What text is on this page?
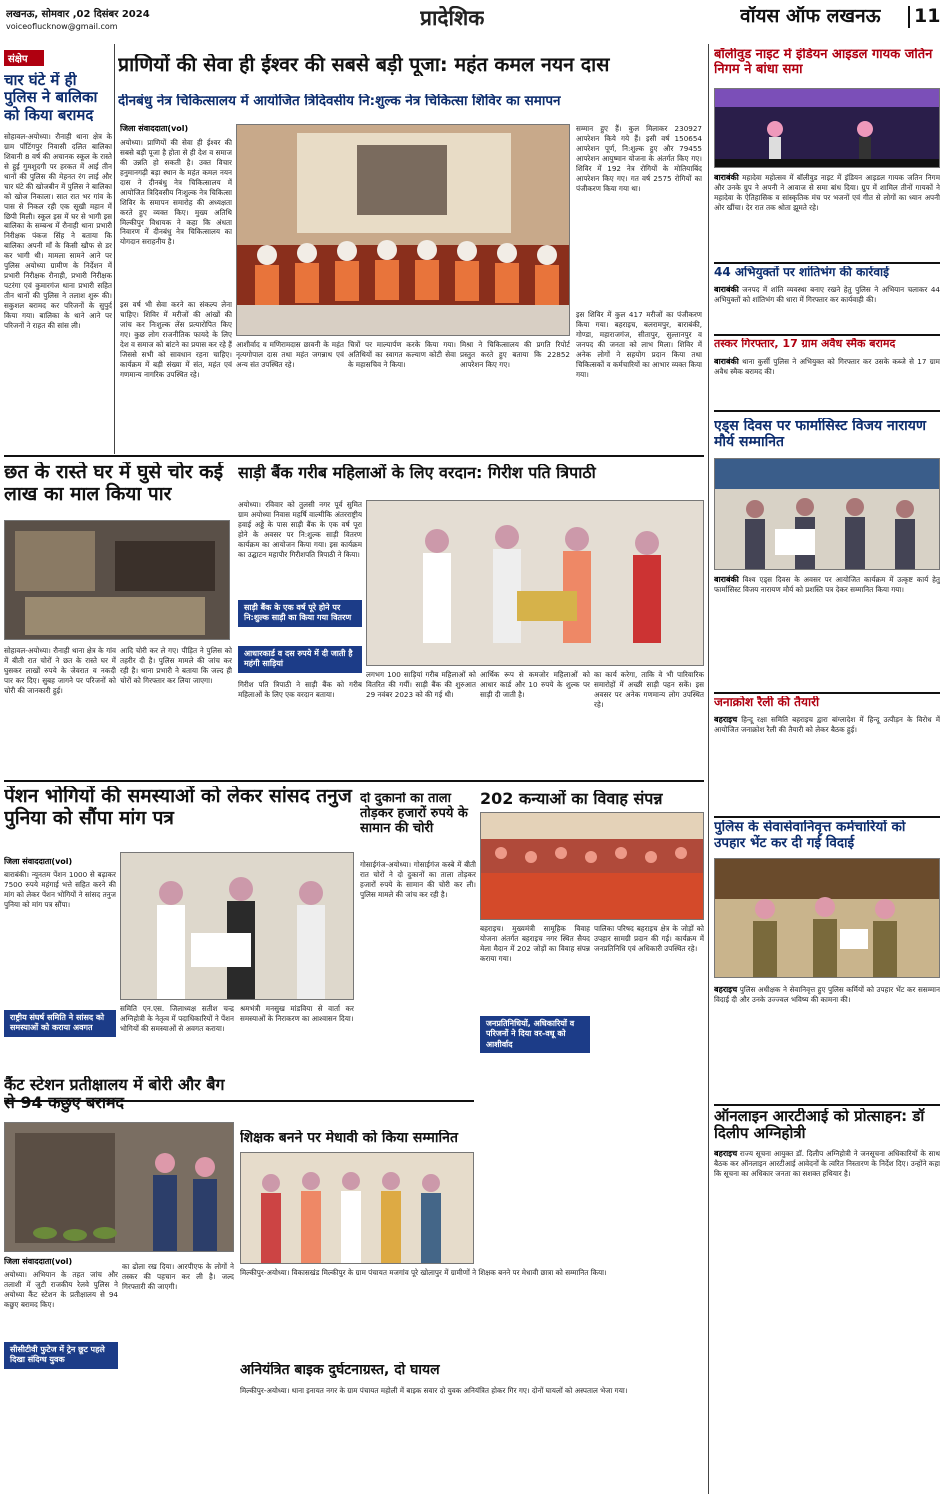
लखनऊ, सोमवार ,02 दिसंबर 2024
voiceoflucknow@gmail.com	प्रादेशिक	वॉयस ऑफ लखनऊ	11
संक्षेप
चार घंटे में ही पुलिस ने बालिका को किया बरामद
सोहावल-अयोध्या। रौनाही थाना क्षेत्र के ग्राम पाँटिंगपुर निवासी दलित बालिका शिवानी 8 वर्ष की अचानक स्कूल के रास्ते से हुई गुमशुदगी पर हरकत में आई तीन थानों की पुलिस की मेहनत रंग लाई और चार घंटे की खोजबीन में पुलिस ने बालिका को खोज निकाला। सात रात भर गांव के पास से निकल रही एक सूखी महान में छिपी मिली। स्कूल इस में घर से भागी इस बालिका के सम्बन्ध में रौनाही थाना प्रभारी निरीक्षक पंकज सिंह ने बताया कि बालिका अपनी माँ के किसी खौफ से डर कर भागी थी। मामला सामने आने पर पुलिस अयोध्या ग्रामीण के निर्देशन में प्रभारी निरीक्षक रौनाही, प्रभारी निरीक्षक पटरंगा एवं कुमारगंज थाना प्रभारी सहित तीन थानों की पुलिस ने तलाश शुरू की। सकुशल बरामद कर परिजनों के सुपुर्द किया गया। बालिका के थाने आने पर परिजनों ने राहत की सांस ली।
प्राणियों की सेवा ही ईश्वर की सबसे बड़ी पूजा: महंत कमल नयन दास
दीनबंधु नेत्र चिकित्सालय में आयोजित त्रिदिवसीय नि:शुल्क नेत्र चिकित्सा शिविर का समापन
जिला संवाददाता(vol)
अयोध्या। प्राणियों की सेवा ही ईश्वर की सबसे बड़ी पूजा है होता से ही देश व समाज की उन्नति हो सकती है। उक्त विचार हनुमानगढ़ी बड़ा स्थान के महंत कमल नयन दास ने दीनबंधु नेत्र चिकित्सालय में आयोजित त्रिदिवसीय निःशुल्क नेत्र चिकित्सा शिविर के समापन समारोह की अध्यक्षता करते हुए व्यक्त किए। मुख्य अतिथि मिल्कीपुर विधायक ने कहा कि अंधता निवारण में दीनबंधु नेत्र चिकित्सालय का योगदान सराहनीय है।
इस वर्ष भी सेवा करने का संकल्प लेना चाहिए। शिविर में मरीजों की आंखों की जांच कर निःशुल्क लेंस प्रत्यारोपित किए गए। कुछ लोग राजनीतिक फायदे के लिए देश व समाज को बांटने का प्रयास कर रहे हैं जिससे सभी को सावधान रहना चाहिए। कार्यक्रम में बड़ी संख्या में संत, महंत एवं गणमान्य नागरिक उपस्थित रहे।
सम्मान हुए हैं। कुल मिलाकर 230927 आपरेशन किये गये हैं। इसी वर्ष 150654 आपरेशन पूर्ण, नि:शुल्क हुए और 79455 आपरेशन आयुष्मान योजना के अंतर्गत किए गए। शिविर में 192 नेत्र रोगियों के मोतियाबिंद आपरेशन किए गए। गत वर्ष 2575 रोगियों का पंजीकरण किया गया था।
इस शिविर में कुल 417 मरीजों का पंजीकरण किया गया। बहराइच, बलरामपुर, बाराबंकी, गोण्डा, महाराजगंज, सीतापुर, सुल्तानपुर व जनपद की जनता को लाभ मिला। शिविर में अनेक लोगों ने सहयोग प्रदान किया तथा चिकित्सकों व कर्मचारियों का आभार व्यक्त किया गया।
आशीर्वाद व मणिरामदास छावनी के महंत नृत्यगोपाल दास तथा महंत जगन्नाथ एवं अन्य संत उपस्थित रहे।
चित्रों पर माल्यार्पण करके किया गया। अतिथियों का स्वागत कल्याण कोटी सेवा के महासचिव ने किया।
मिश्रा ने चिकित्सालय की प्रगति रिपोर्ट प्रस्तुत करते हुए बताया कि 22852 आपरेशन किए गए।
बॉलीवुड नाइट में इंडियन आइडल गायक जतिन निगम ने बांधा समा
बाराबंकी महादेवा महोत्सव में बॉलीवुड नाइट में इंडियन आइडल गायक जतिन निगम और उनके ग्रुप ने अपनी ने आवाज से समा बांध दिया। ग्रुप में शामिल तीनों गायकों ने महादेवा के ऐतिहासिक व सांस्कृतिक मंच पर भजनों एवं गीत से लोगों का ध्यान अपनी ओर खींचा। देर रात तक श्रोता झूमते रहे।
44 अभियुक्तों पर शांतिभंग की कार्रवाई
बाराबंकी जनपद में शांति व्यवस्था बनाए रखने हेतु पुलिस ने अभियान चलाकर 44 अभियुक्तों को शांतिभंग की धारा में गिरफ्तार कर कार्यवाही की।
तस्कर गिरफ्तार, 17 ग्राम अवैध स्मैक बरामद
बाराबंकी थाना कुर्सी पुलिस ने अभियुक्त को गिरफ्तार कर उसके कब्जे से 17 ग्राम अवैध स्मैक बरामद की।
एड्स दिवस पर फार्मासिस्ट विजय नारायण मौर्य सम्मानित
बाराबंकी विश्व एड्स दिवस के अवसर पर आयोजित कार्यक्रम में उत्कृष्ट कार्य हेतु फार्मासिस्ट विजय नारायण मौर्य को प्रशस्ति पत्र देकर सम्मानित किया गया।
जनाक्रोश रैली की तैयारी
बहराइच हिन्दू रक्षा समिति बहराइच द्वारा बांग्लादेश में हिन्दू उत्पीड़न के विरोध में आयोजित जनाक्रोश रैली की तैयारी को लेकर बैठक हुई।
पुलिस के सेवासेवानिवृत्त कर्मचारियों को उपहार भेंट कर दी गई विदाई
बहराइच पुलिस अधीक्षक ने सेवानिवृत्त हुए पुलिस कर्मियों को उपहार भेंट कर ससम्मान विदाई दी और उनके उज्ज्वल भविष्य की कामना की।
ऑनलाइन आरटीआई को प्रोत्साहन: डॉ दिलीप अग्निहोत्री
बहराइच राज्य सूचना आयुक्त डॉ. दिलीप अग्निहोत्री ने जनसूचना अधिकारियों के साथ बैठक कर ऑनलाइन आरटीआई आवेदनों के त्वरित निस्तारण के निर्देश दिए। उन्होंने कहा कि सूचना का अधिकार जनता का सशक्त हथियार है।
छत के रास्ते घर में घुसे चोर कई लाख का माल किया पार
सोहावल-अयोध्या। रौनाही थाना क्षेत्र के गांव में बीती रात चोरों ने छत के रास्ते घर में घुसकर लाखों रुपये के जेवरात व नकदी पार कर दिए। सुबह जागने पर परिजनों को चोरी की जानकारी हुई।
आदि चोरी कर ले गए। पीड़ित ने पुलिस को तहरीर दी है। पुलिस मामले की जांच कर रही है। थाना प्रभारी ने बताया कि जल्द ही चोरों को गिरफ्तार कर लिया जाएगा।
साड़ी बैंक गरीब महिलाओं के लिए वरदान: गिरीश पति त्रिपाठी
अयोध्या। रविवार को तुलसी नगर पूर्व सुमित ग्राम अयोध्या निवास महर्षि वाल्मीकि अंतरराष्ट्रीय हवाई अड्डे के पास साड़ी बैंक के एक वर्ष पूरा होने के अवसर पर नि:शुल्क साड़ी वितरण कार्यक्रम का आयोजन किया गया। इस कार्यक्रम का उद्घाटन महापौर गिरीशपति त्रिपाठी ने किया।
साड़ी बैंक के एक वर्ष पूरे होने पर नि:शुल्क साड़ी का किया गया वितरण
आधारकार्ड व दस रुपये में दी जाती है महंगी साड़ियां
गिरीश पति त्रिपाठी ने साड़ी बैंक को गरीब महिलाओं के लिए एक वरदान बताया।
लगभग 100 साड़ियां गरीब महिलाओं को वितरित की गयीं। साड़ी बैंक की शुरुआत 29 नवंबर 2023 को की गई थी।
आर्थिक रूप से कमजोर महिलाओं को आधार कार्ड और 10 रुपये के शुल्क पर साड़ी दी जाती है।
का कार्य करेगा, ताकि वे भी पारिवारिक समारोहों में अच्छी साड़ी पहन सकें। इस अवसर पर अनेक गणमान्य लोग उपस्थित रहे।
पेंशन भोगियों की समस्याओं को लेकर सांसद तनुज पुनिया को सौंपा मांग पत्र
जिला संवाददाता(vol)
बाराबंकी। न्यूनतम पेंशन 1000 से बढ़ाकर 7500 रुपये महंगाई भत्ते सहित करने की मांग को लेकर पेंशन भोगियों ने सांसद तनुज पुनिया को मांग पत्र सौंपा।
राष्ट्रीय संघर्ष समिति ने सांसद को समस्याओं को कराया अवगत
समिति एन.एस. जिलाध्यक्ष सतीश चन्द्र अग्निहोत्री के नेतृत्व में पदाधिकारियों ने पेंशन भोगियों की समस्याओं से अवगत कराया।
श्रमभंत्री मनसुख मांडविया से वार्ता कर समस्याओं के निराकरण का आश्वासन दिया।
दो दुकानों का ताला तोड़कर हजारों रुपये के सामान की चोरी
गोसाईगंज-अयोध्या। गोसाईगंज कस्बे में बीती रात चोरों ने दो दुकानों का ताला तोड़कर हजारों रुपये के सामान की चोरी कर ली। पुलिस मामले की जांच कर रही है।
202 कन्याओं का विवाह संपन्न
बहराइच। मुख्यमंत्री सामूहिक विवाह योजना अंतर्गत बहराइच नगर स्थित सैयद मेला मैदान में 202 जोड़ों का विवाह संपन्न कराया गया।
पालिका परिषद बहराइच क्षेत्र के जोड़ों को उपहार सामग्री प्रदान की गई। कार्यक्रम में जनप्रतिनिधि एवं अधिकारी उपस्थित रहे।
जनप्रतिनिधियों, अधिकारियों व परिजनों ने दिया वर-वधू को आशीर्वाद
कैंट स्टेशन प्रतीक्षालय में बोरी और बैग से 94 कछुए बरामद
जिला संवाददाता(vol)
अयोध्या। अभियान के तहत जांच और तलाशी में जुटी राजकीय रेलवे पुलिस ने अयोध्या कैंट स्टेशन के प्रतीक्षालय से 94 कछुए बरामद किए।
सीसीटीवी फुटेज में ट्रेन छूट पहले दिखा संदिग्ध युवक
का ढोला रख दिया। आरपीएफ के लोगों ने तस्कर की पहचान कर ली है। जल्द गिरफ्तारी की जाएगी।
शिक्षक बनने पर मेधावी को किया सम्मानित
मिल्कीपुर-अयोध्या। विकासखंड मिल्कीपुर के ग्राम पंचायत मजगांव पूरे खोलापुर में ग्रामीणों ने शिक्षक बनने पर मेधावी छात्रा को सम्मानित किया।
अनियंत्रित बाइक दुर्घटनाग्रस्त, दो घायल
मिल्कीपुर-अयोध्या। थाना इनायत नगर के ग्राम पंचायत महोली में बाइक सवार दो युवक अनियंत्रित होकर गिर गए। दोनों घायलों को अस्पताल भेजा गया।
